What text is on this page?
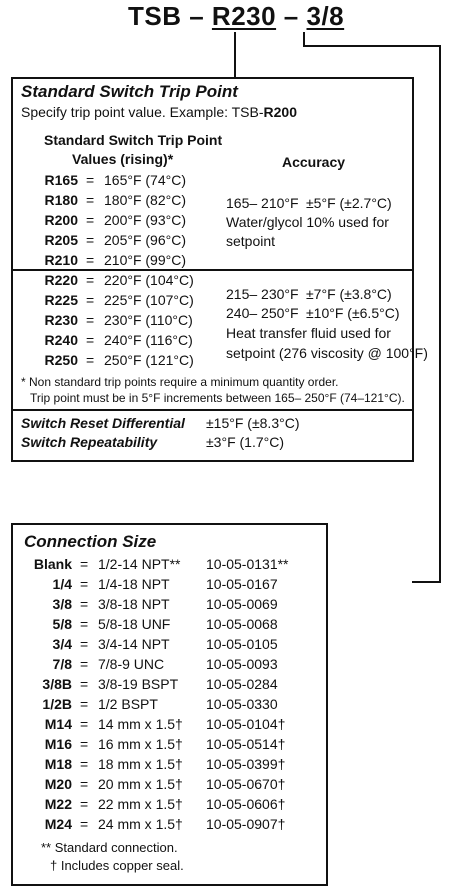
TSB – R230 – 3/8
Standard Switch Trip Point
Specify trip point value. Example: TSB-R200
Standard Switch Trip Point
Values (rising)*	Accuracy
R165 = 165°F (74°C)
R180 = 180°F (82°C)
R200 = 200°F (93°C)
R205 = 205°F (96°C)
R210 = 210°F (99°C)
165– 210°F ±5°F (±2.7°C)
Water/glycol 10% used for
setpoint
R220 = 220°F (104°C)
R225 = 225°F (107°C)
R230 = 230°F (110°C)
R240 = 240°F (116°C)
R250 = 250°F (121°C)
215– 230°F ±7°F (±3.8°C)
240– 250°F ±10°F (±6.5°C)
Heat transfer fluid used for
setpoint (276 viscosity @ 100°F)
* Non standard trip points require a minimum quantity order.
Trip point must be in 5°F increments between 165– 250°F (74–121°C).
Switch Reset Differential ±15°F (±8.3°C)
Switch Repeatability	±3°F (1.7°C)
Connection Size
Blank = 1/2-14 NPT** 10-05-0131**
1/4 = 1/4-18 NPT	10-05-0167
3/8 = 3/8-18 NPT	10-05-0069
5/8 = 5/8-18 UNF	10-05-0068
3/4 = 3/4-14 NPT	10-05-0105
7/8 = 7/8-9 UNC	10-05-0093
3/8B = 3/8-19 BSPT 10-05-0284
1/2B = 1/2 BSPT	10-05-0330
M14 = 14 mm x 1.5† 10-05-0104†
M16 = 16 mm x 1.5† 10-05-0514†
M18 = 18 mm x 1.5† 10-05-0399†
M20 = 20 mm x 1.5† 10-05-0670†
M22 = 22 mm x 1.5† 10-05-0606†
M24 = 24 mm x 1.5† 10-05-0907†
** Standard connection.
† Includes copper seal.
